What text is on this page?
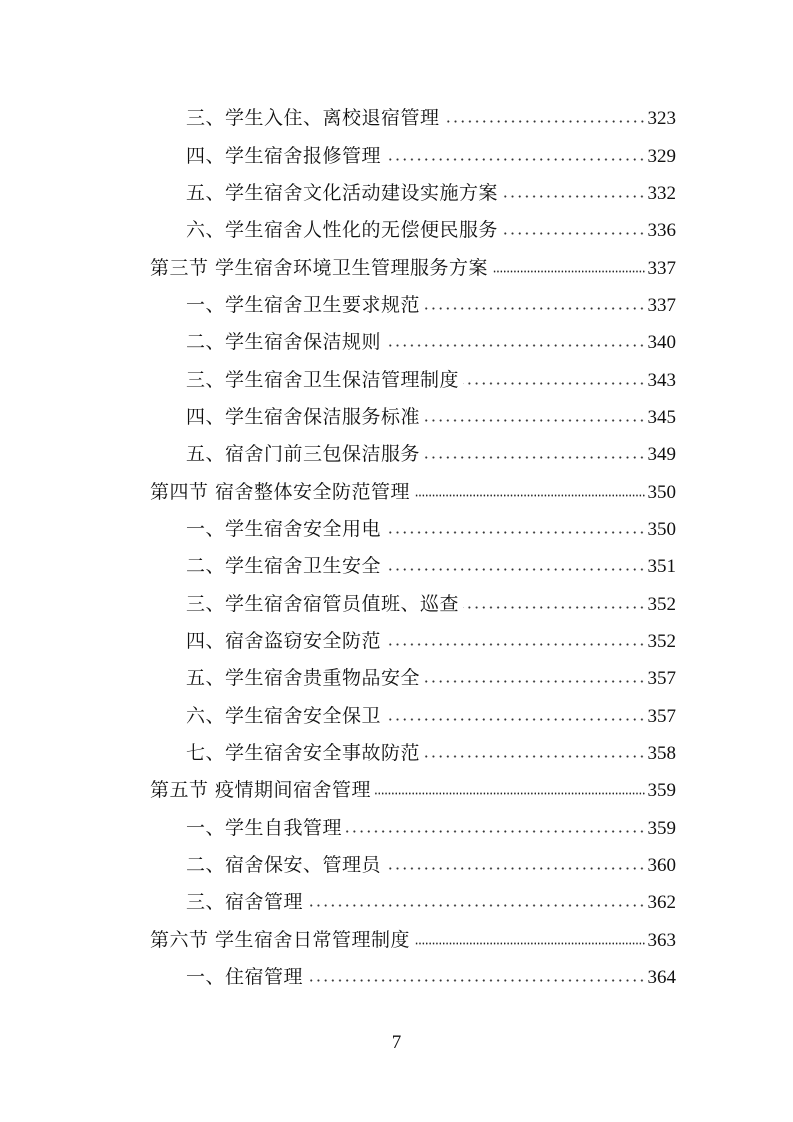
三、学生入住、离校退宿管理	323
四、学生宿舍报修管理	329
五、学生宿舍文化活动建设实施方案	332
六、学生宿舍人性化的无偿便民服务	336
第三节 学生宿舍环境卫生管理服务方案	337
一、学生宿舍卫生要求规范	337
二、学生宿舍保洁规则	340
三、学生宿舍卫生保洁管理制度	343
四、学生宿舍保洁服务标准	345
五、宿舍门前三包保洁服务	349
第四节 宿舍整体安全防范管理	350
一、学生宿舍安全用电	350
二、学生宿舍卫生安全	351
三、学生宿舍宿管员值班、巡查	352
四、宿舍盗窃安全防范	352
五、学生宿舍贵重物品安全	357
六、学生宿舍安全保卫	357
七、学生宿舍安全事故防范	358
第五节 疫情期间宿舍管理	359
一、学生自我管理	359
二、宿舍保安、管理员	360
三、宿舍管理	362
第六节 学生宿舍日常管理制度	363
一、住宿管理	364
7
